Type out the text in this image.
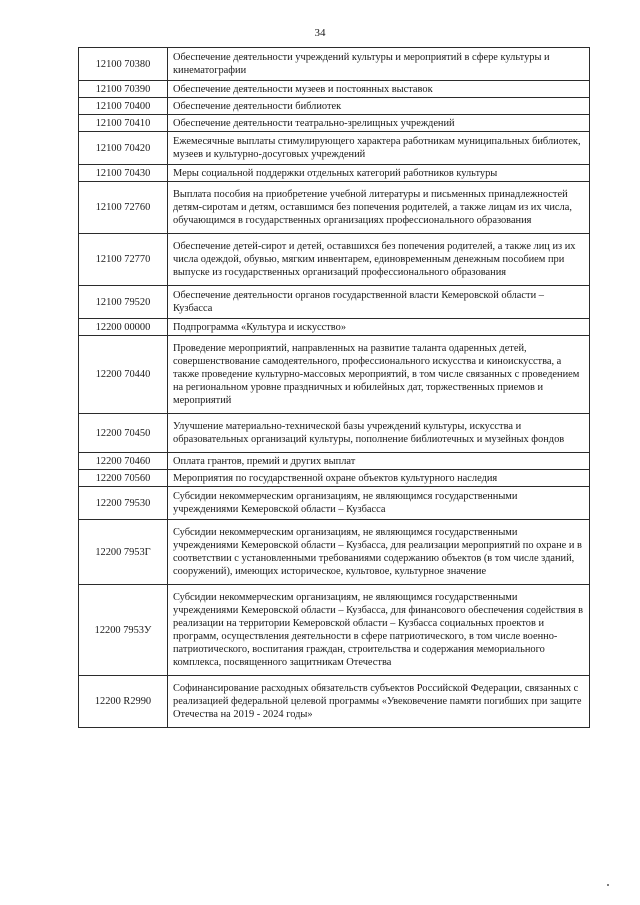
34
12100 70380	Обеспечение деятельности учреждений культуры и мероприятий в сфере культуры и кинематографии
12100 70390	Обеспечение деятельности музеев и постоянных выставок
12100 70400	Обеспечение деятельности библиотек
12100 70410	Обеспечение деятельности театрально-зрелищных учреждений
12100 70420	Ежемесячные выплаты стимулирующего характера работникам муниципальных библиотек, музеев и культурно-досуговых учреждений
12100 70430	Меры социальной поддержки отдельных категорий работников культуры
12100 72760	Выплата пособия на приобретение учебной литературы и письменных принадлежностей детям-сиротам и детям, оставшимся без попечения родителей, а также лицам из их числа, обучающимся в государственных организациях профессионального образования
12100 72770	Обеспечение детей-сирот и детей, оставшихся без попечения родителей, а также лиц из их числа одеждой, обувью, мягким инвентарем, единовременным денежным пособием при выпуске из государственных организаций профессионального образования
12100 79520	Обеспечение деятельности органов государственной власти Кемеровской области – Кузбасса
12200 00000	Подпрограмма «Культура и искусство»
12200 70440	Проведение мероприятий, направленных на развитие таланта одаренных детей, совершенствование самодеятельного, профессионального искусства и киноискусства, а также проведение культурно-массовых мероприятий, в том числе связанных с проведением на региональном уровне праздничных и юбилейных дат, торжественных приемов и мероприятий
12200 70450	Улучшение материально-технической базы учреждений культуры, искусства и образовательных организаций культуры, пополнение библиотечных и музейных фондов
12200 70460	Оплата грантов, премий и других выплат
12200 70560	Мероприятия по государственной охране объектов культурного наследия
12200 79530	Субсидии некоммерческим организациям, не являющимся государственными учреждениями Кемеровской области – Кузбасса
12200 7953Г	Субсидии некоммерческим организациям, не являющимся государственными учреждениями Кемеровской области – Кузбасса, для реализации мероприятий по охране и в соответствии с установленными требованиями содержанию объектов (в том числе зданий, сооружений), имеющих историческое, культовое, культурное значение
12200 7953У	Субсидии некоммерческим организациям, не являющимся государственными учреждениями Кемеровской области – Кузбасса, для финансового обеспечения содействия в реализации на территории Кемеровской области – Кузбасса социальных проектов и программ, осуществления деятельности в сфере патриотического, в том числе военно-патриотического, воспитания граждан, строительства и содержания мемориального комплекса, посвященного защитникам Отечества
12200 R2990	Софинансирование расходных обязательств субъектов Российской Федерации, связанных с реализацией федеральной целевой программы «Увековечение памяти погибших при защите Отечества на 2019 - 2024 годы»
